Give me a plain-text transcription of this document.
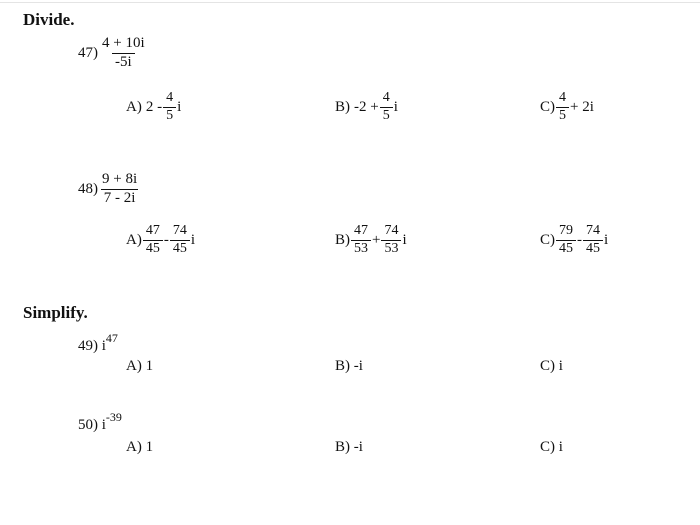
Divide.
$47) \frac{4 + 10i}{-5i}$
A) $2 - \frac{4}{5}$ i	B) $-2 + \frac{4}{5}$ i	$C) \frac{4}{5} + 2i$
$48) \frac{9 + 8i}{7 - 2i}$
$A) \frac{47}{45} - \frac{74}{45}$ i	$B) \frac{47}{53} + \frac{74}{53}$ i	$C) \frac{79}{45} - \frac{74}{45}$ i
Simplify.
49) $i^{47}$
A) 1	B) -i	C) i
50) $i^{-39}$
A) 1	B) -i	C) i
